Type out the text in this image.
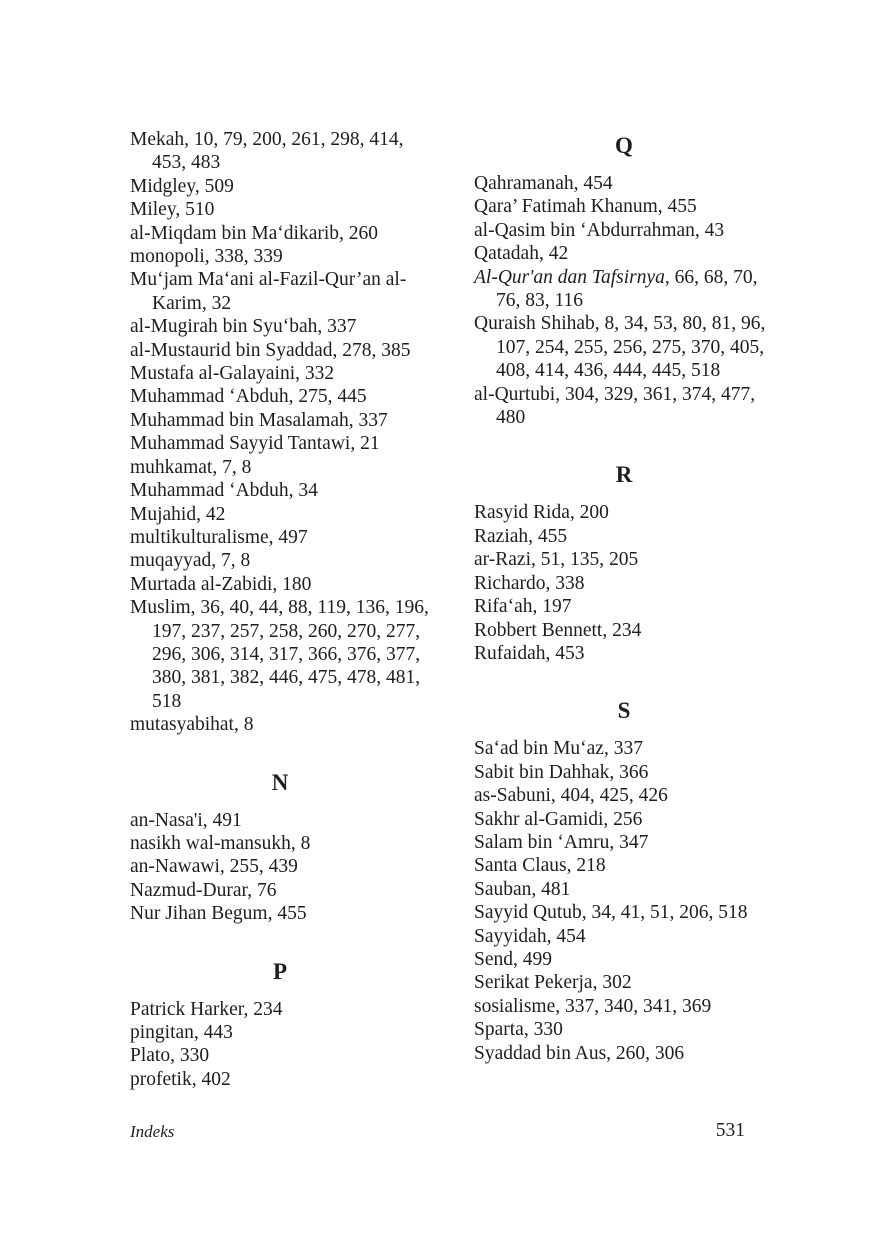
Mekah, 10, 79, 200, 261, 298, 414, 453, 483
Midgley, 509
Miley, 510
al-Miqdam bin Ma‘dikarib, 260
monopoli, 338, 339
Mu‘jam Ma‘ani al-Fazil-Qur’an al-Karim, 32
al-Mugirah bin Syu‘bah, 337
al-Mustaurid bin Syaddad, 278, 385
Mustafa al-Galayaini, 332
Muhammad ‘Abduh, 275, 445
Muhammad bin Masalamah, 337
Muhammad Sayyid Tantawi, 21
muhkamat, 7, 8
Muhammad ‘Abduh, 34
Mujahid, 42
multikulturalisme, 497
muqayyad, 7, 8
Murtada al-Zabidi, 180
Muslim, 36, 40, 44, 88, 119, 136, 196, 197, 237, 257, 258, 260, 270, 277, 296, 306, 314, 317, 366, 376, 377, 380, 381, 382, 446, 475, 478, 481, 518
mutasyabihat, 8
N
an-Nasa'i, 491
nasikh wal-mansukh, 8
an-Nawawi, 255, 439
Nazmud-Durar, 76
Nur Jihan Begum, 455
P
Patrick Harker, 234
pingitan, 443
Plato, 330
profetik, 402
Q
Qahramanah, 454
Qara’ Fatimah Khanum, 455
al-Qasim bin ‘Abdurrahman, 43
Qatadah, 42
Al-Qur'an dan Tafsirnya, 66, 68, 70, 76, 83, 116
Quraish Shihab, 8, 34, 53, 80, 81, 96, 107, 254, 255, 256, 275, 370, 405, 408, 414, 436, 444, 445, 518
al-Qurtubi, 304, 329, 361, 374, 477, 480
R
Rasyid Rida, 200
Raziah, 455
ar-Razi, 51, 135, 205
Richardo, 338
Rifa‘ah, 197
Robbert Bennett, 234
Rufaidah, 453
S
Sa‘ad bin Mu‘az, 337
Sabit bin Dahhak, 366
as-Sabuni, 404, 425, 426
Sakhr al-Gamidi, 256
Salam bin ‘Amru, 347
Santa Claus, 218
Sauban, 481
Sayyid Qutub, 34, 41, 51, 206, 518
Sayyidah, 454
Send, 499
Serikat Pekerja, 302
sosialisme, 337, 340, 341, 369
Sparta, 330
Syaddad bin Aus, 260, 306
Indeks	531
